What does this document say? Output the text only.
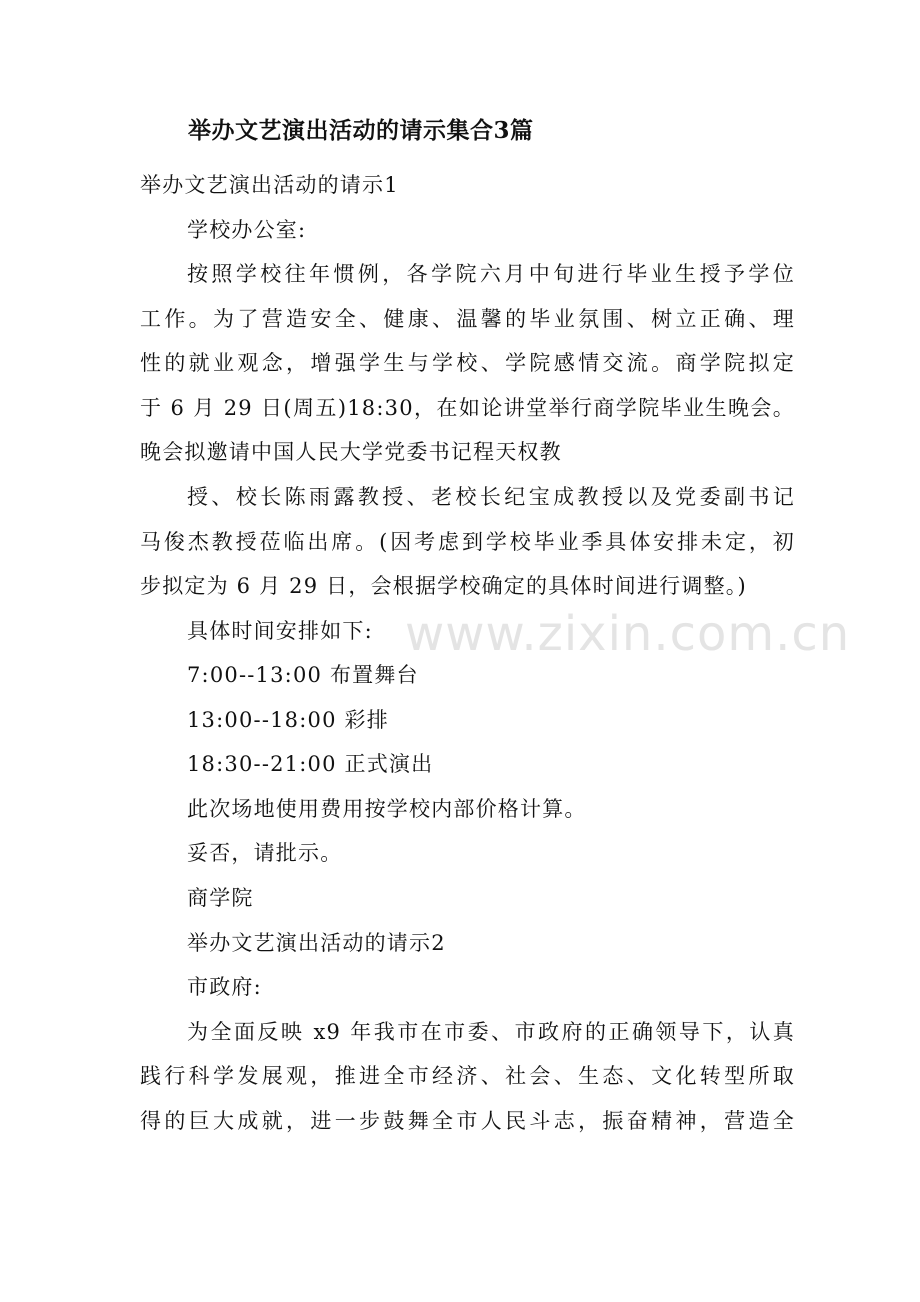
举办文艺演出活动的请示集合3篇
举办文艺演出活动的请示1
学校办公室:
按照学校往年惯例，各学院六月中旬进行毕业生授予学位
工作。为了营造安全、健康、温馨的毕业氛围、树立正确、理
性的就业观念，增强学生与学校、学院感情交流。商学院拟定
于 6 月 29 日(周五)18:30，在如论讲堂举行商学院毕业生晚会。
晚会拟邀请中国人民大学党委书记程天权教
授、校长陈雨露教授、老校长纪宝成教授以及党委副书记
马俊杰教授莅临出席。(因考虑到学校毕业季具体安排未定，初
步拟定为 6 月 29 日，会根据学校确定的具体时间进行调整。)
具体时间安排如下:
7:00--13:00 布置舞台
13:00--18:00 彩排
18:30--21:00 正式演出
此次场地使用费用按学校内部价格计算。
妥否，请批示。
商学院
举办文艺演出活动的请示2
市政府:
为全面反映 x9 年我市在市委、市政府的正确领导下，认真
践行科学发展观，推进全市经济、社会、生态、文化转型所取
得的巨大成就，进一步鼓舞全市人民斗志，振奋精神，营造全
www.zixin.com.cn
